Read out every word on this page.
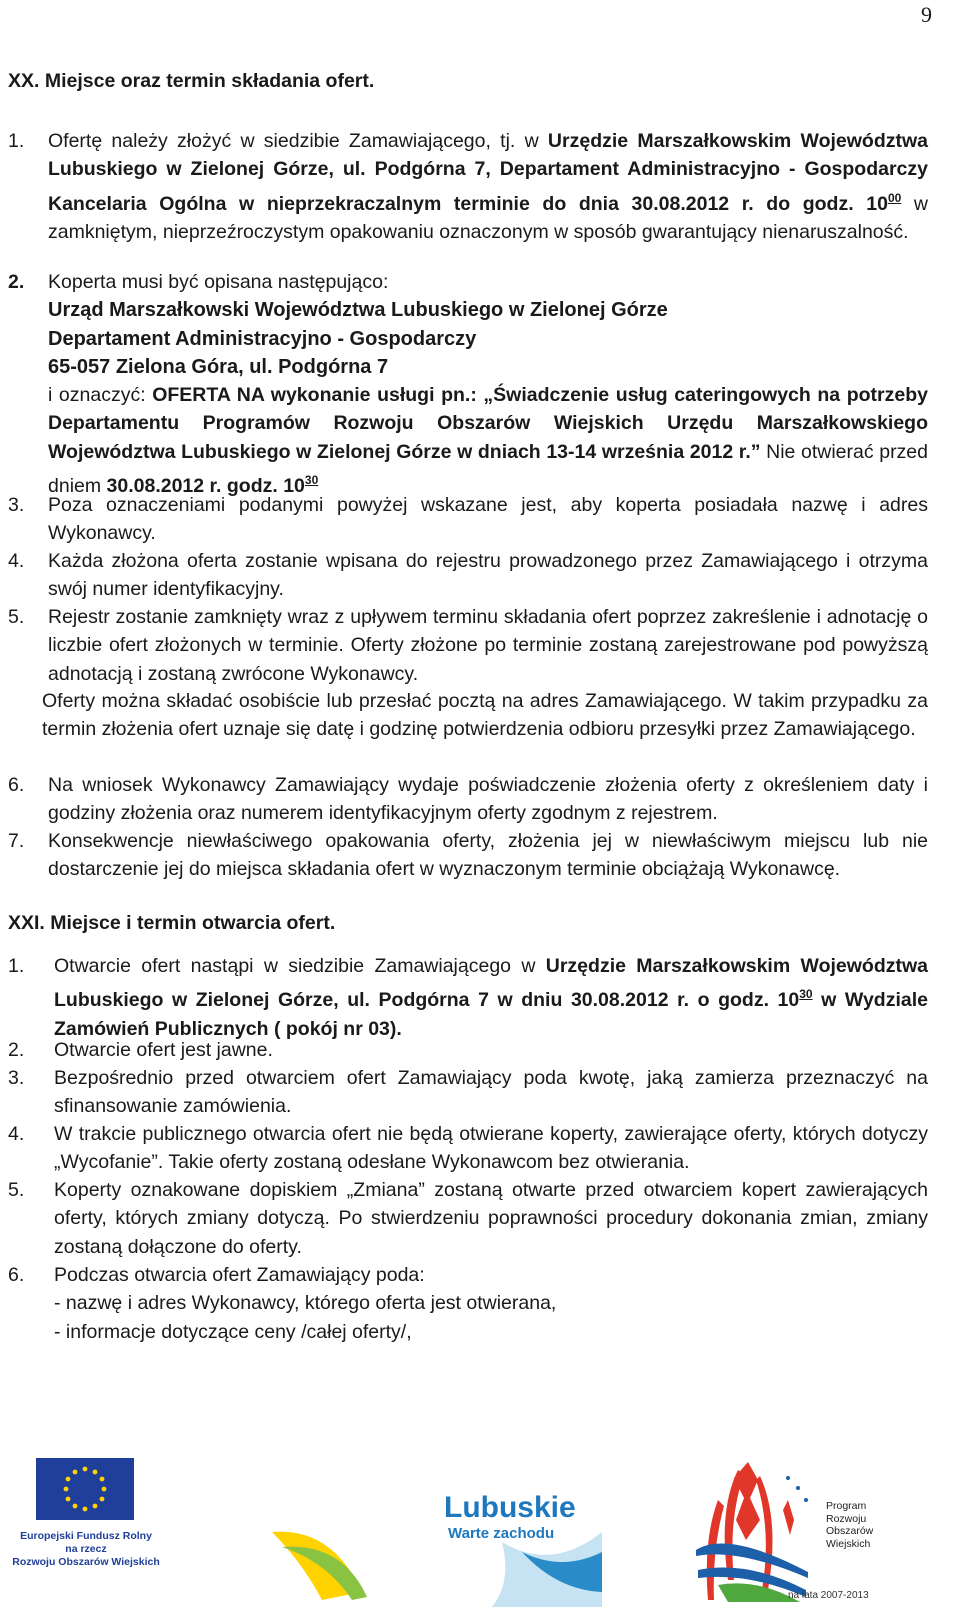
9
XX. Miejsce oraz termin składania ofert.
1. Ofertę należy złożyć w siedzibie Zamawiającego, tj. w Urzędzie Marszałkowskim Województwa Lubuskiego w Zielonej Górze, ul. Podgórna 7, Departament Administracyjno - Gospodarczy Kancelaria Ogólna w nieprzekraczalnym terminie do dnia 30.08.2012 r. do godz. $10^{00}$ w zamkniętym, nieprzeźroczystym opakowaniu oznaczonym w sposób gwarantujący nienaruszalność.
2. Koperta musi być opisana następująco:
Urząd Marszałkowski Województwa Lubuskiego w Zielonej Górze
Departament Administracyjno - Gospodarczy
65-057 Zielona Góra, ul. Podgórna 7
i oznaczyć: OFERTA NA wykonanie usługi pn.: „Świadczenie usług cateringowych na potrzeby Departamentu Programów Rozwoju Obszarów Wiejskich Urzędu Marszałkowskiego Województwa Lubuskiego w Zielonej Górze w dniach 13-14 września 2012 r.” Nie otwierać przed dniem 30.08.2012 r. godz. $10^{30}$
3. Poza oznaczeniami podanymi powyżej wskazane jest, aby koperta posiadała nazwę i adres Wykonawcy.
4. Każda złożona oferta zostanie wpisana do rejestru prowadzonego przez Zamawiającego i otrzyma swój numer identyfikacyjny.
5. Rejestr zostanie zamknięty wraz z upływem terminu składania ofert poprzez zakreślenie i adnotację o liczbie ofert złożonych w terminie. Oferty złożone po terminie zostaną zarejestrowane pod powyższą adnotacją i zostaną zwrócone Wykonawcy.
Oferty można składać osobiście lub przesłać pocztą na adres Zamawiającego. W takim przypadku za termin złożenia ofert uznaje się datę i godzinę potwierdzenia odbioru przesyłki przez Zamawiającego.
6. Na wniosek Wykonawcy Zamawiający wydaje poświadczenie złożenia oferty z określeniem daty i godziny złożenia oraz numerem identyfikacyjnym oferty zgodnym z rejestrem.
7. Konsekwencje niewłaściwego opakowania oferty, złożenia jej w niewłaściwym miejscu lub nie dostarczenie jej do miejsca składania ofert w wyznaczonym terminie obciążają Wykonawcę.
XXI. Miejsce i termin otwarcia ofert.
1. Otwarcie ofert nastąpi w siedzibie Zamawiającego w Urzędzie Marszałkowskim Województwa Lubuskiego w Zielonej Górze, ul. Podgórna 7 w dniu 30.08.2012 r. o godz. $10^{30}$ w Wydziale Zamówień Publicznych ( pokój nr 03).
2. Otwarcie ofert jest jawne.
3. Bezpośrednio przed otwarciem ofert Zamawiający poda kwotę, jaką zamierza przeznaczyć na sfinansowanie zamówienia.
4. W trakcie publicznego otwarcia ofert nie będą otwierane koperty, zawierające oferty, których dotyczy „Wycofanie”. Takie oferty zostaną odesłane Wykonawcom bez otwierania.
5. Koperty oznakowane dopiskiem „Zmiana” zostaną otwarte przed otwarciem kopert zawierających oferty, których zmiany dotyczą. Po stwierdzeniu poprawności procedury dokonania zmian, zmiany zostaną dołączone do oferty.
6. Podczas otwarcia ofert Zamawiający poda:
- nazwę i adres Wykonawcy, którego oferta jest otwierana,
- informacje dotyczące ceny /całej oferty/,
Europejski Fundusz Rolny
na rzecz
Rozwoju Obszarów Wiejskich
Lubuskie
Warte zachodu
Program
Rozwoju
Obszarów
Wiejskich
na lata 2007-2013
